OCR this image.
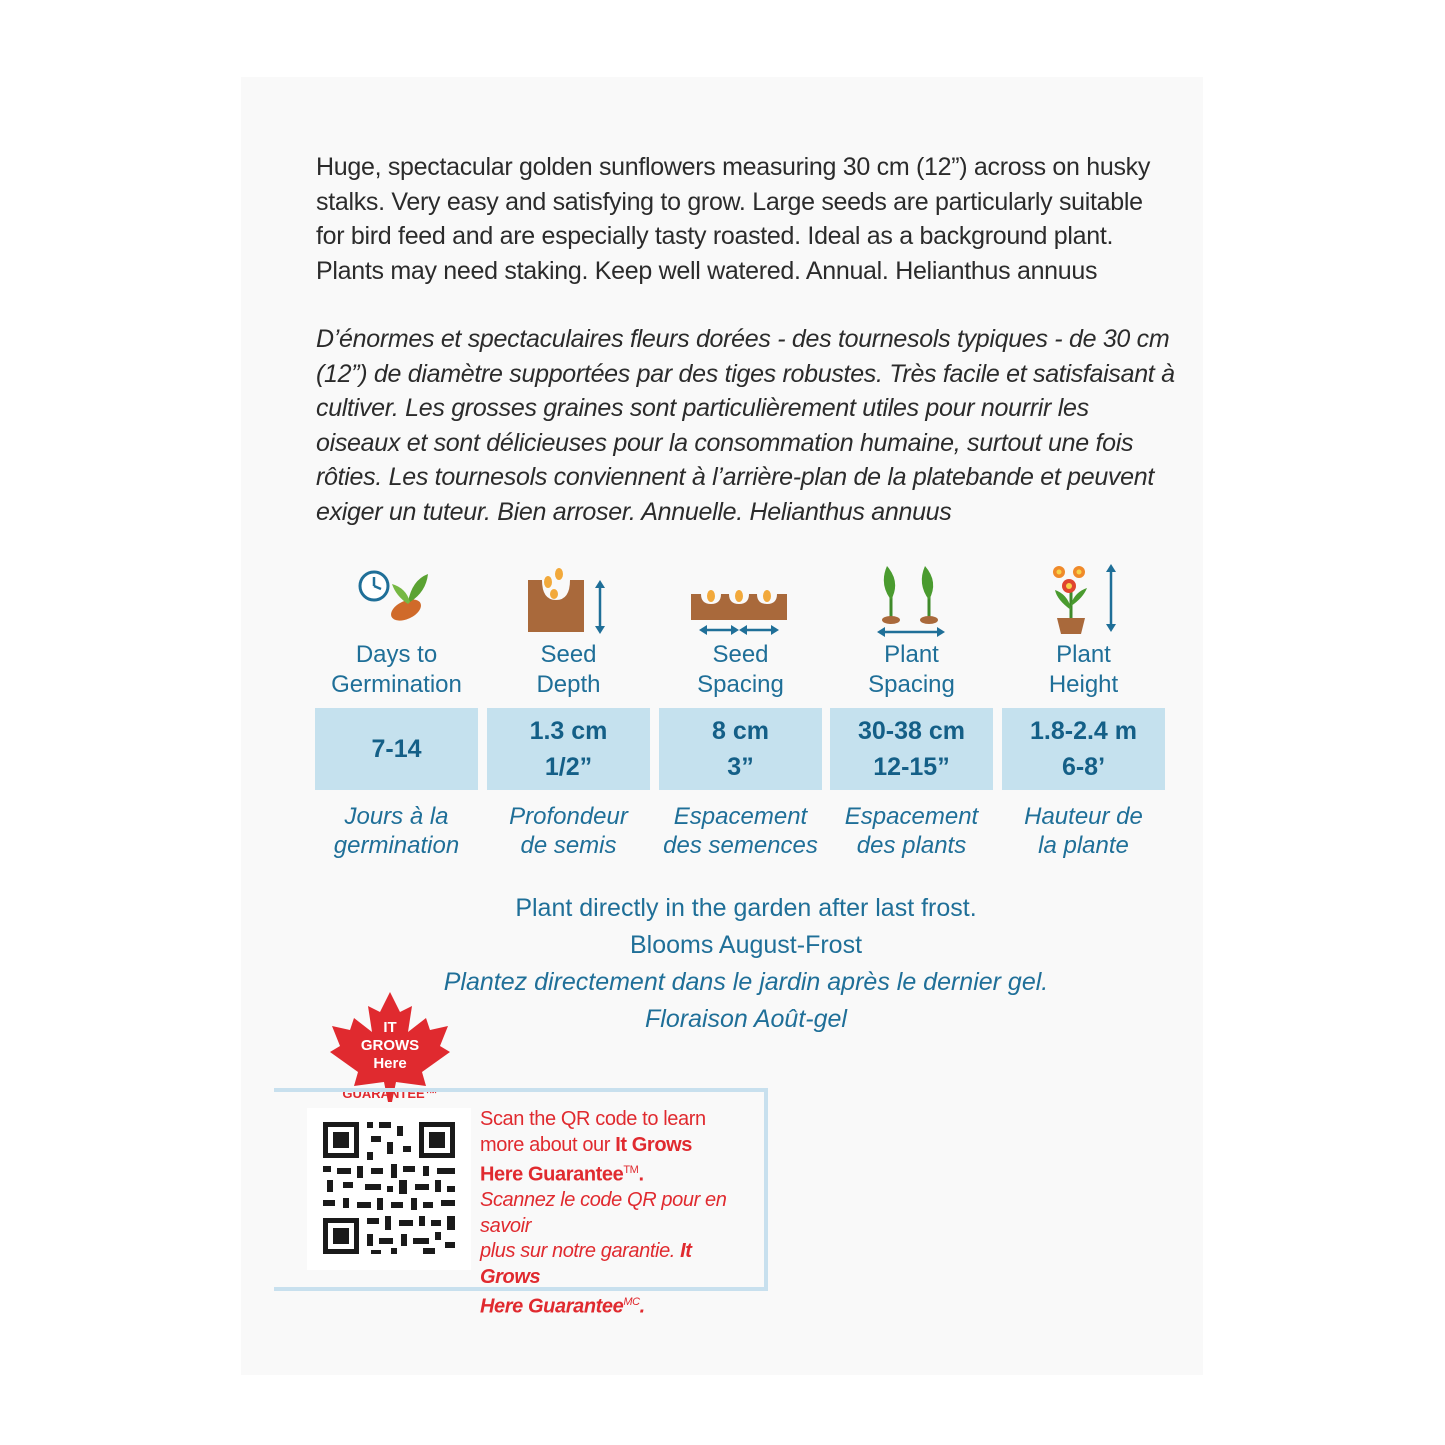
Huge, spectacular golden sunflowers measuring 30 cm (12”) across on husky stalks. Very easy and satisfying to grow. Large seeds are particularly suitable for bird feed and are especially tasty roasted. Ideal as a background plant. Plants may need staking. Keep well watered. Annual. Helianthus annuus

D’énormes et spectaculaires fleurs dorées - des tournesols typiques - de 30 cm (12”) de diamètre supportées par des tiges robustes. Très facile et satisfaisant à cultiver. Les grosses graines sont particulièrement utiles pour nourrir les oiseaux et sont délicieuses pour la consommation humaine, surtout une fois rôties. Les tournesols conviennent à l’arrière-plan de la platebande et peuvent exiger un tuteur. Bien arroser. Annuelle. Helianthus annuus

Days to
Germination
7-14
Jours à la
germination
Seed
Depth
1.3 cm
1/2”
Profondeur
de semis
Seed
Spacing
8 cm
3”
Espacement
des semences
Plant
Spacing
30-38 cm
12-15”
Espacement
des plants
Plant
Height
1.8-2.4 m
6-8’
Hauteur de
la plante
Plant directly in the garden after last frost.
Blooms August-Frost
Plantez directement dans le jardin après le dernier gel.
Floraison Août-gel
IT
GROWS
Here
GUARANTEE™
Scan the QR code to learn
more about our It Grows
Here Guarantee™.
Scannez le code QR pour en savoir
plus sur notre garantie. It Grows
Here Guarantee$^{MC}$.
